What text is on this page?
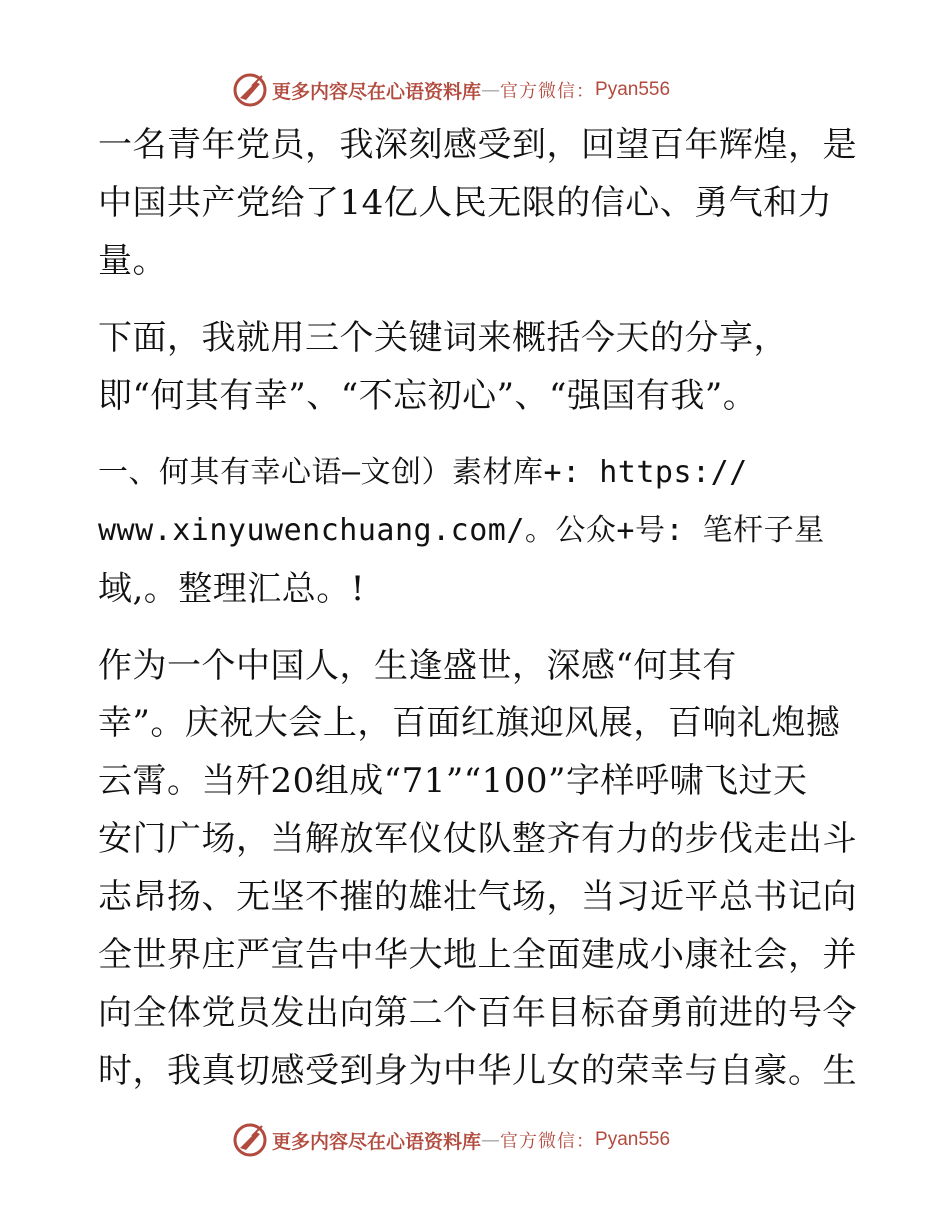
更多内容尽在心语资料库 — 官方微信： Pyan556
一名青年党员，我深刻感受到，回望百年辉煌，是
中国共产党给了14亿人民无限的信心、勇气和力
量。
下面，我就用三个关键词来概括今天的分享，
即“何其有幸”、“不忘初心”、“强国有我”。
一、何其有幸心语—文创）素材库+: https://
www.xinyuwenchuang.com/。公众+号: 笔杆子星
域,。整理汇总。!
作为一个中国人，生逢盛世，深感“何其有
幸”。庆祝大会上，百面红旗迎风展，百响礼炮撼
云霄。当歼20组成“71”“100”字样呼啸飞过天
安门广场，当解放军仪仗队整齐有力的步伐走出斗
志昂扬、无坚不摧的雄壮气场，当习近平总书记向
全世界庄严宣告中华大地上全面建成小康社会，并
向全体党员发出向第二个百年目标奋勇前进的号令
时，我真切感受到身为中华儿女的荣幸与自豪。生
更多内容尽在心语资料库 — 官方微信： Pyan556
